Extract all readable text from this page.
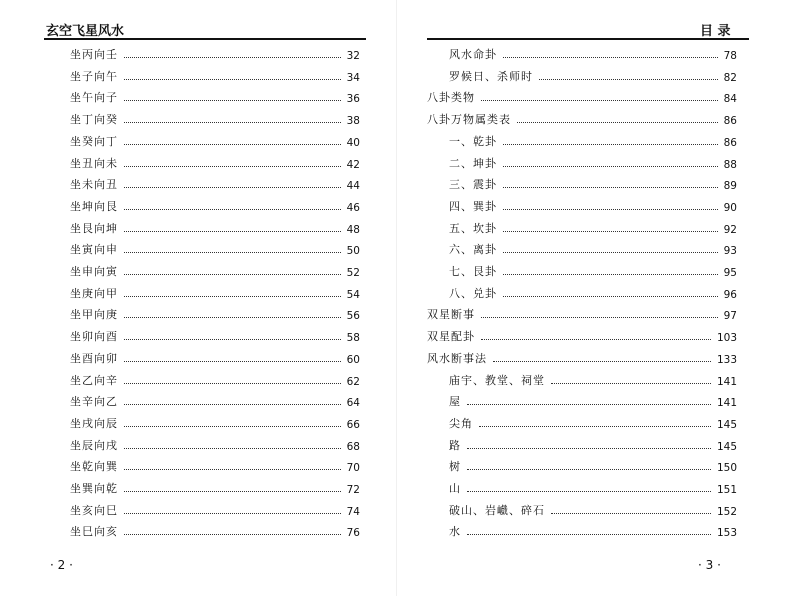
玄空飞星风水
坐丙向壬	32
坐子向午	34
坐午向子	36
坐丁向癸	38
坐癸向丁	40
坐丑向未	42
坐未向丑	44
坐坤向艮	46
坐艮向坤	48
坐寅向申	50
坐申向寅	52
坐庚向甲	54
坐甲向庚	56
坐卯向酉	58
坐酉向卯	60
坐乙向辛	62
坐辛向乙	64
坐戌向辰	66
坐辰向戌	68
坐乾向巽	70
坐巽向乾	72
坐亥向巳	74
坐巳向亥	76
· 2 ·
目 录
风水命卦	78
罗候日、杀师时	82
八卦类物	84
八卦万物属类表	86
一、乾卦	86
二、坤卦	88
三、震卦	89
四、巽卦	90
五、坎卦	92
六、离卦	93
七、艮卦	95
八、兑卦	96
双星断事	97
双星配卦	103
风水断事法	133
庙宇、教堂、祠堂	141
屋	141
尖角	145
路	145
树	150
山	151
破山、岩巇、碎石	152
水	153
· 3 ·
